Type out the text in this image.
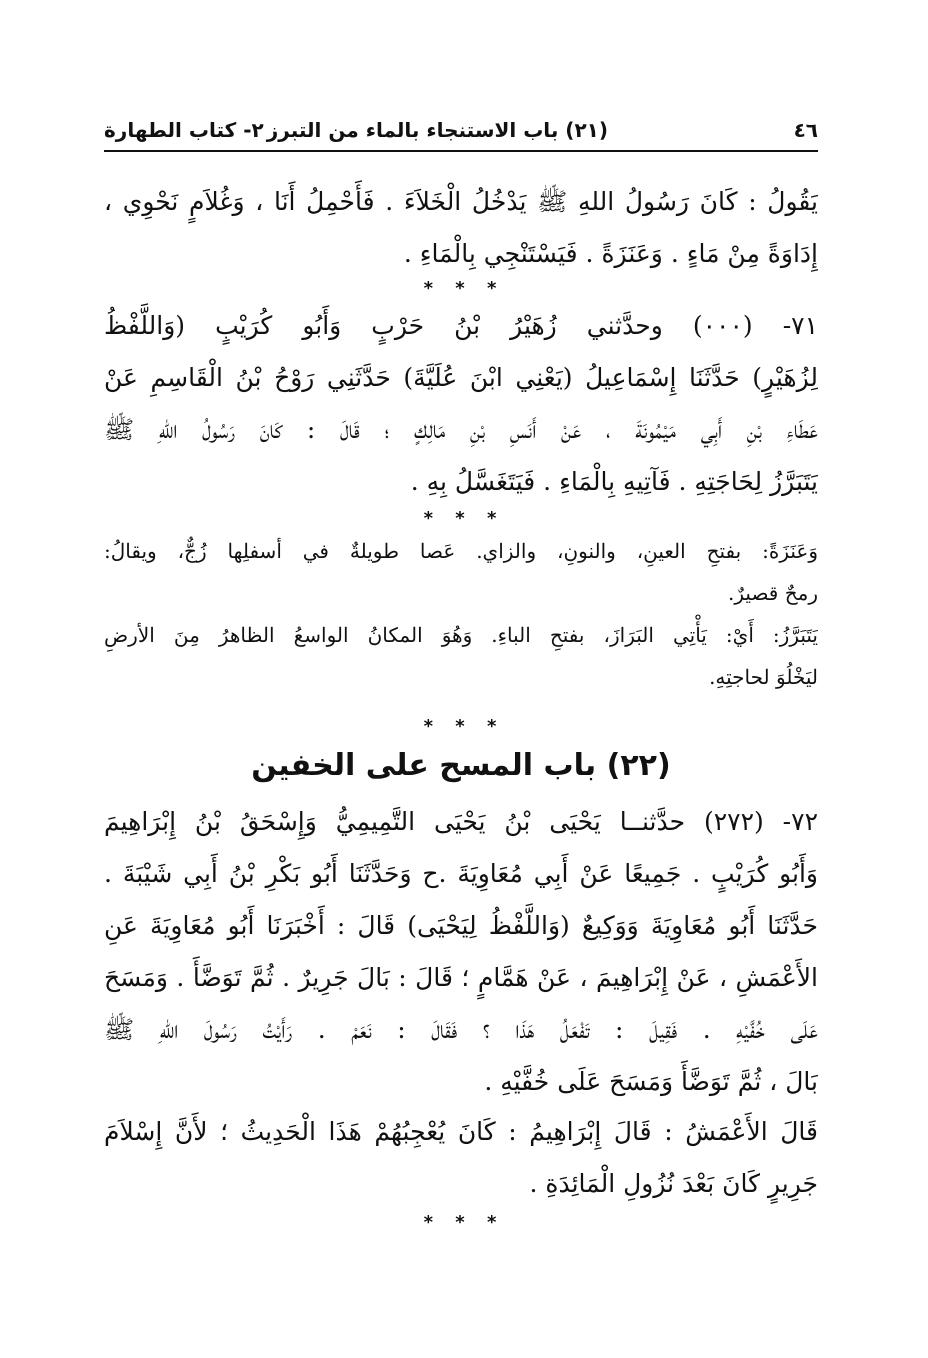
٤٦
(٢١) باب الاستنجاء بالماء من التبرز
٢- كتاب الطهارة
يَقُولُ : كَانَ رَسُولُ اللهِ ﷺ يَدْخُلُ الْخَلاَءَ . فَأَحْمِلُ أَنَا ، وَغُلاَمٍ نَحْوِي ،
إِدَاوَةً مِنْ مَاءٍ . وَعَنَزَةً . فَيَسْتَنْجِي بِالْمَاءِ .
* * *
٧١- (٠٠٠) وحدَّثني زُهَيْرُ بْنُ حَرْبٍ وَأَبُو كُرَيْبٍ (وَاللَّفْظُ
لِزُهَيْرٍ) حَدَّثَنَا إِسْمَاعِيلُ (يَعْنِي ابْنَ عُلَيَّةَ) حَدَّثَنِي رَوْحُ بْنُ الْقَاسِمِ عَنْ
عَطَاءِ بْنِ أَبِي مَيْمُونَةَ ، عَنْ أَنَسِ بْنِ مَالِكٍ ؛ قَالَ : كَانَ رَسُولُ اللهِ ﷺ
يَتَبَرَّزُ لِحَاجَتِهِ . فَآتِيهِ بِالْمَاءِ . فَيَتَغَسَّلُ بِهِ .
* * *
وَعَنَزَةً: بفتحِ العينِ، والنونِ، والزاي. عَصا طويلةٌ في أسفلِها زُجٌّ، ويقالُ:
رمحٌ قصيرٌ.
يَتَبَرَّزُ: أَيْ: يَأْتِي البَرَازَ، بفتحِ الباءِ. وَهُوَ المكانُ الواسعُ الظاهرُ مِنَ الأرضِ
ليَخْلُوَ لحاجتِهِ.
* * *
(٢٢) باب المسح على الخفين
٧٢- (٢٧٢) حدَّثنــا يَحْيَى بْنُ يَحْيَى التَّمِيمِيُّ وَإِسْحَقُ بْنُ إِبْرَاهِيمَ
وَأَبُو كُرَيْبٍ . جَمِيعًا عَنْ أَبِي مُعَاوِيَةَ .ح وَحَدَّثَنَا أَبُو بَكْرِ بْنُ أَبِي شَيْبَةَ .
حَدَّثَنَا أَبُو مُعَاوِيَةَ وَوَكِيعٌ (وَاللَّفْظُ لِيَحْيَى) قَالَ : أَخْبَرَنَا أَبُو مُعَاوِيَةَ عَنِ
الأَعْمَشِ ، عَنْ إِبْرَاهِيمَ ، عَنْ هَمَّامٍ ؛ قَالَ : بَالَ جَرِيرٌ . ثُمَّ تَوَضَّأَ . وَمَسَحَ
عَلَى خُفَّيْهِ . فَقِيلَ : تَفْعَلُ هَذَا ؟ فَقَالَ : نَعَمْ . رَأَيْتُ رَسُولَ اللهِ ﷺ
بَالَ ، ثُمَّ تَوَضَّأَ وَمَسَحَ عَلَى خُفَّيْهِ .
قَالَ الأَعْمَشُ : قَالَ إِبْرَاهِيمُ : كَانَ يُعْجِبُهُمْ هَذَا الْحَدِيثُ ؛ لأَنَّ إِسْلاَمَ
جَرِيرٍ كَانَ بَعْدَ نُزُولِ الْمَائِدَةِ .
* * *
